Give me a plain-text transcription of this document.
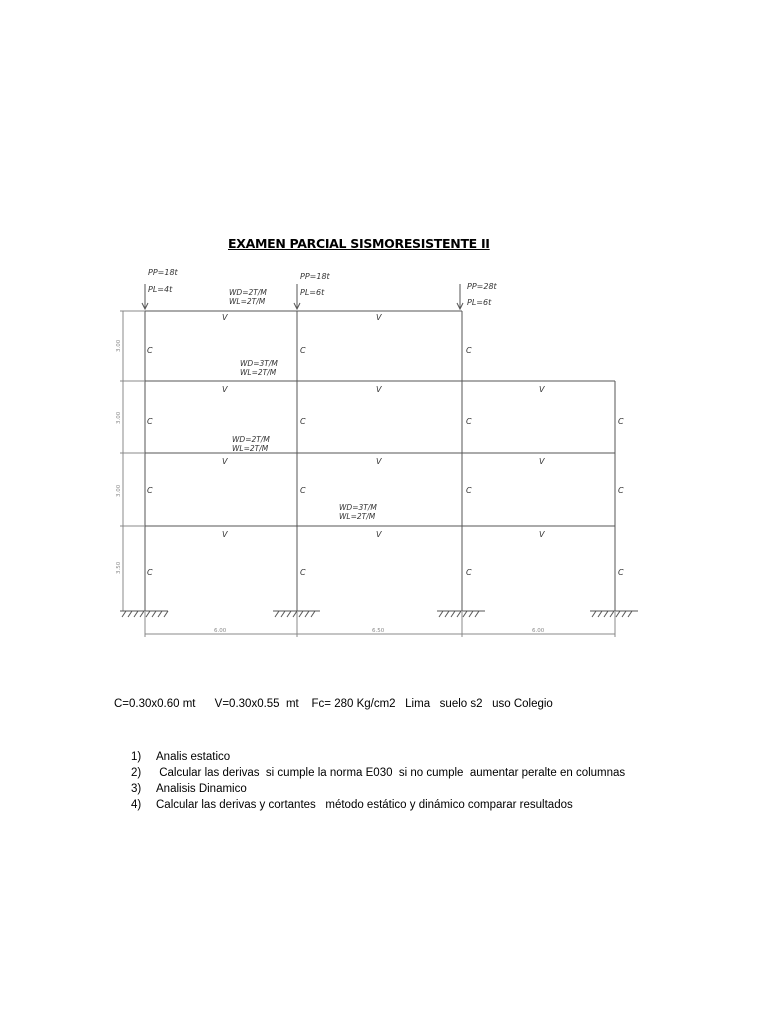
EXAMEN PARCIAL SISMORESISTENTE II
PP=18t
PL=4t
PP=18t
PL=6t
PP=28t
PL=6t
WD=2T/M
WL=2T/M
WD=3T/M
WL=2T/M
WD=2T/M
WL=2T/M
WD=3T/M
WL=2T/M
V	V
V	V	V
V	V	V
V	V	V
C	C	C
C	C	C	C
C	C	C	C
C	C	C	C
3.00
3.00
3.00
3.50
6.00	6.50	6.00
C=0.30x0.60 mt      V=0.30x0.55  mt    Fc= 280 Kg/cm2   Lima   suelo s2   uso Colegio
1) Analis estatico
2) Calcular las derivas  si cumple la norma E030  si no cumple  aumentar peralte en columnas
3) Analisis Dinamico
4) Calcular las derivas y cortantes   método estático y dinámico comparar resultados
